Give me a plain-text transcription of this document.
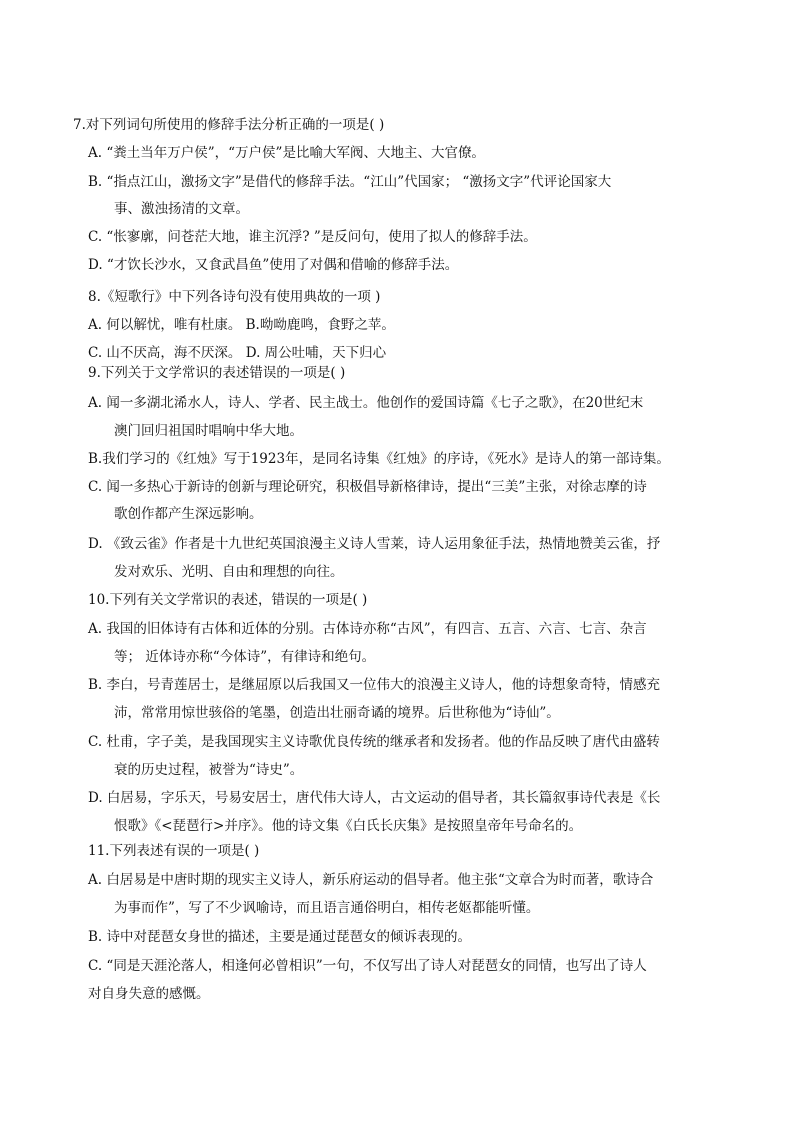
7.对下列词句所使用的修辞手法分析正确的一项是( )
A. “粪土当年万户侯”，“万户侯”是比喻大军阀、大地主、大官僚。
B. “指点江山，激扬文字”是借代的修辞手法。“江山”代国家； “激扬文字”代评论国家大
事、激浊扬清的文章。
C. “怅寥廓，问苍茫大地，谁主沉浮? ”是反问句，使用了拟人的修辞手法。
D. “才饮长沙水，又食武昌鱼”使用了对偶和借喻的修辞手法。
8.《短歌行》中下列各诗句没有使用典故的一项 )
A. 何以解忧，唯有杜康。 B.呦呦鹿鸣，食野之苹。
C. 山不厌高，海不厌深。 D. 周公吐哺，天下归心
9.下列关于文学常识的表述错误的一项是( )
A. 闻一多湖北浠水人，诗人、学者、民主战士。他创作的爱国诗篇《七子之歌》，在20世纪末
澳门回归祖国时唱响中华大地。
B.我们学习的《红烛》写于1923年，是同名诗集《红烛》的序诗，《死水》是诗人的第一部诗集。
C. 闻一多热心于新诗的创新与理论研究，积极倡导新格律诗，提出“三美”主张，对徐志摩的诗
歌创作都产生深远影响。
D. 《致云雀》作者是十九世纪英国浪漫主义诗人雪莱，诗人运用象征手法，热情地赞美云雀，抒
发对欢乐、光明、自由和理想的向往。
10.下列有关文学常识的表述，错误的一项是( )
A. 我国的旧体诗有古体和近体的分别。古体诗亦称“古风”，有四言、五言、六言、七言、杂言
等； 近体诗亦称“今体诗”，有律诗和绝句。
B. 李白，号青莲居士，是继屈原以后我国又一位伟大的浪漫主义诗人，他的诗想象奇特，情感充
沛，常常用惊世骇俗的笔墨，创造出壮丽奇谲的境界。后世称他为“诗仙”。
C. 杜甫，字子美，是我国现实主义诗歌优良传统的继承者和发扬者。他的作品反映了唐代由盛转
衰的历史过程，被誉为“诗史”。
D. 白居易，字乐天，号易安居士，唐代伟大诗人，古文运动的倡导者，其长篇叙事诗代表是《长
恨歌》《<琵琶行>并序》。他的诗文集《白氏长庆集》是按照皇帝年号命名的。
11.下列表述有误的一项是( )
A. 白居易是中唐时期的现实主义诗人，新乐府运动的倡导者。他主张“文章合为时而著，歌诗合
为事而作”，写了不少讽喻诗，而且语言通俗明白，相传老妪都能听懂。
B. 诗中对琵琶女身世的描述，主要是通过琵琶女的倾诉表现的。
C. “同是天涯沦落人，相逢何必曾相识”一句，不仅写出了诗人对琵琶女的同情，也写出了诗人
对自身失意的感慨。
